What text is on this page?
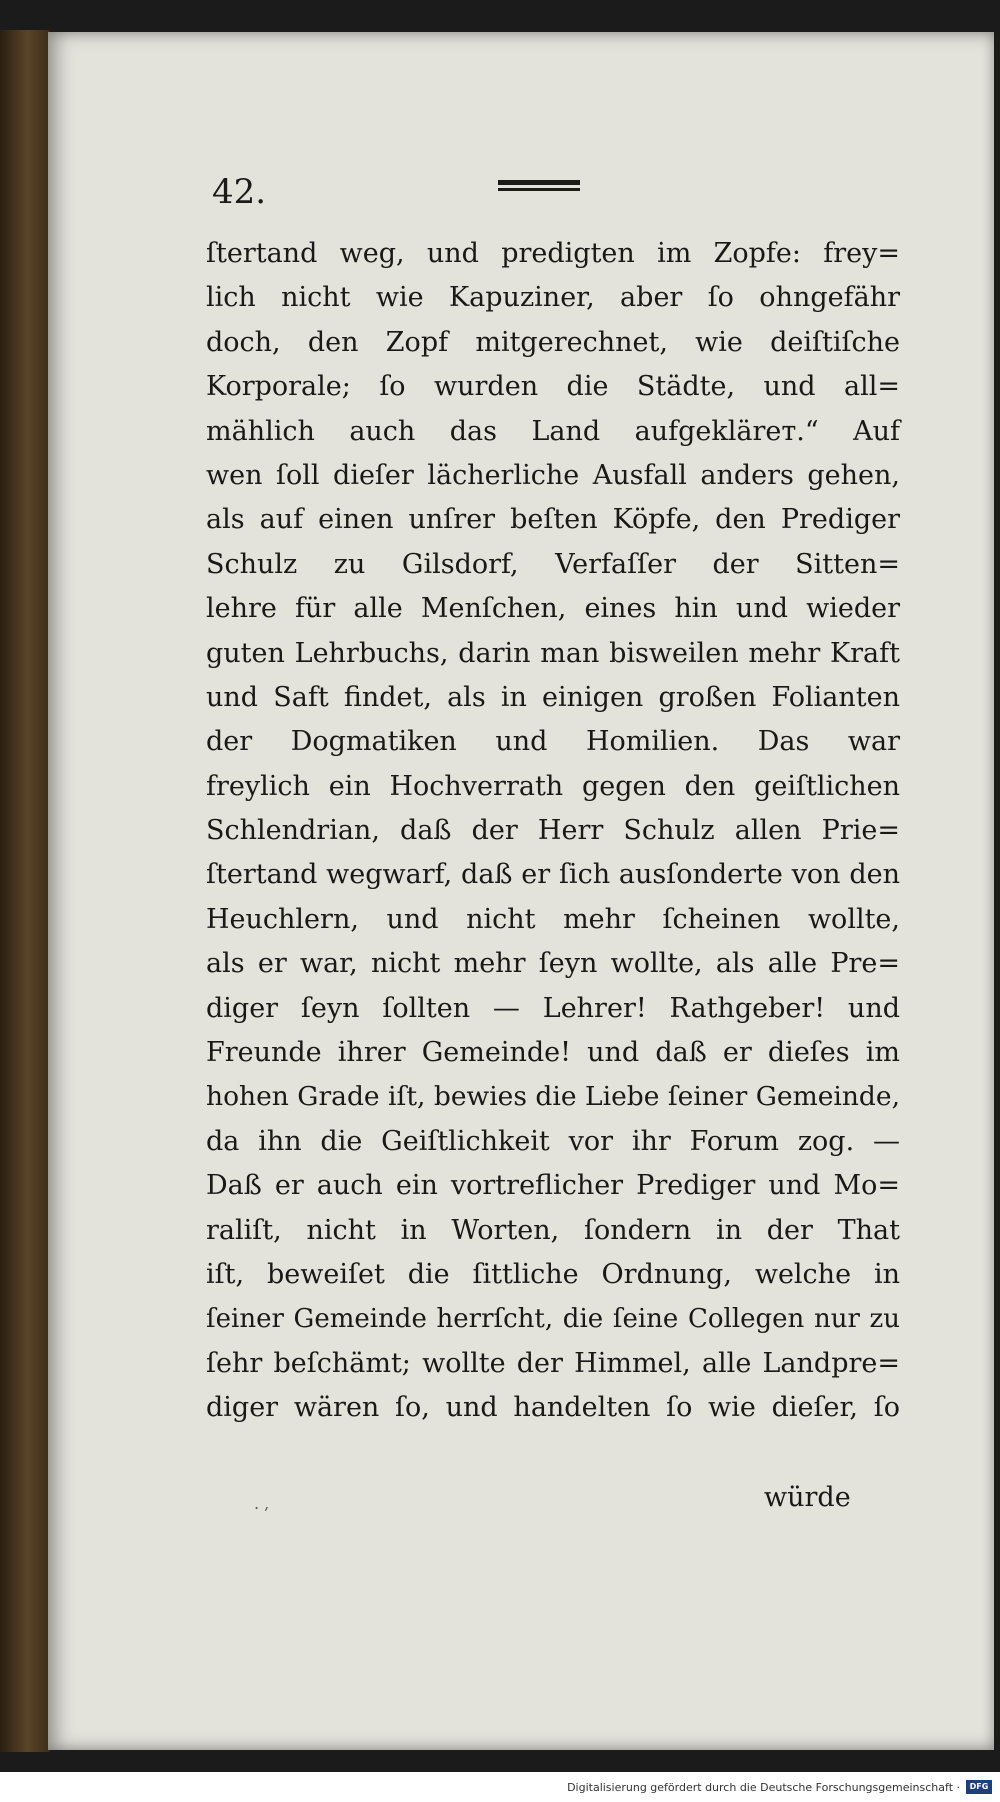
42.
ſtertand weg, und predigten im Zopfe: frey=
lich nicht wie Kapuziner, aber ſo ohngefähr
doch, den Zopf mitgerechnet, wie deiſtiſche
Korporale; ſo wurden die Städte, und all=
mählich auch das Land aufgeklärет.“ Auf
wen ſoll dieſer lächerliche Ausfall anders gehen,
als auf einen unſrer beſten Köpfe, den Prediger
Schulz zu Gilsdorf, Verfaſſer der Sitten=
lehre für alle Menſchen, eines hin und wieder
guten Lehrbuchs, darin man bisweilen mehr Kraft
und Saft findet, als in einigen großen Folianten
der Dogmatiken und Homilien. Das war
freylich ein Hochverrath gegen den geiſtlichen
Schlendrian, daß der Herr Schulz allen Prie=
ſtertand wegwarf, daß er ſich ausſonderte von den
Heuchlern, und nicht mehr ſcheinen wollte,
als er war, nicht mehr ſeyn wollte, als alle Pre=
diger ſeyn ſollten — Lehrer! Rathgeber! und
Freunde ihrer Gemeinde! und daß er dieſes im
hohen Grade iſt, bewies die Liebe ſeiner Gemeinde,
da ihn die Geiſtlichkeit vor ihr Forum zog. —
Daß er auch ein vortreflicher Prediger und Mo=
raliſt, nicht in Worten, ſondern in der That
iſt, beweiſet die ſittliche Ordnung, welche in
ſeiner Gemeinde herrſcht, die ſeine Collegen nur zu
ſehr beſchämt; wollte der Himmel, alle Landpre=
diger wären ſo, und handelten ſo wie dieſer, ſo
. ,	würde
Digitalisierung gefördert durch die Deutsche Forschungsgemeinschaft ·	DFG
